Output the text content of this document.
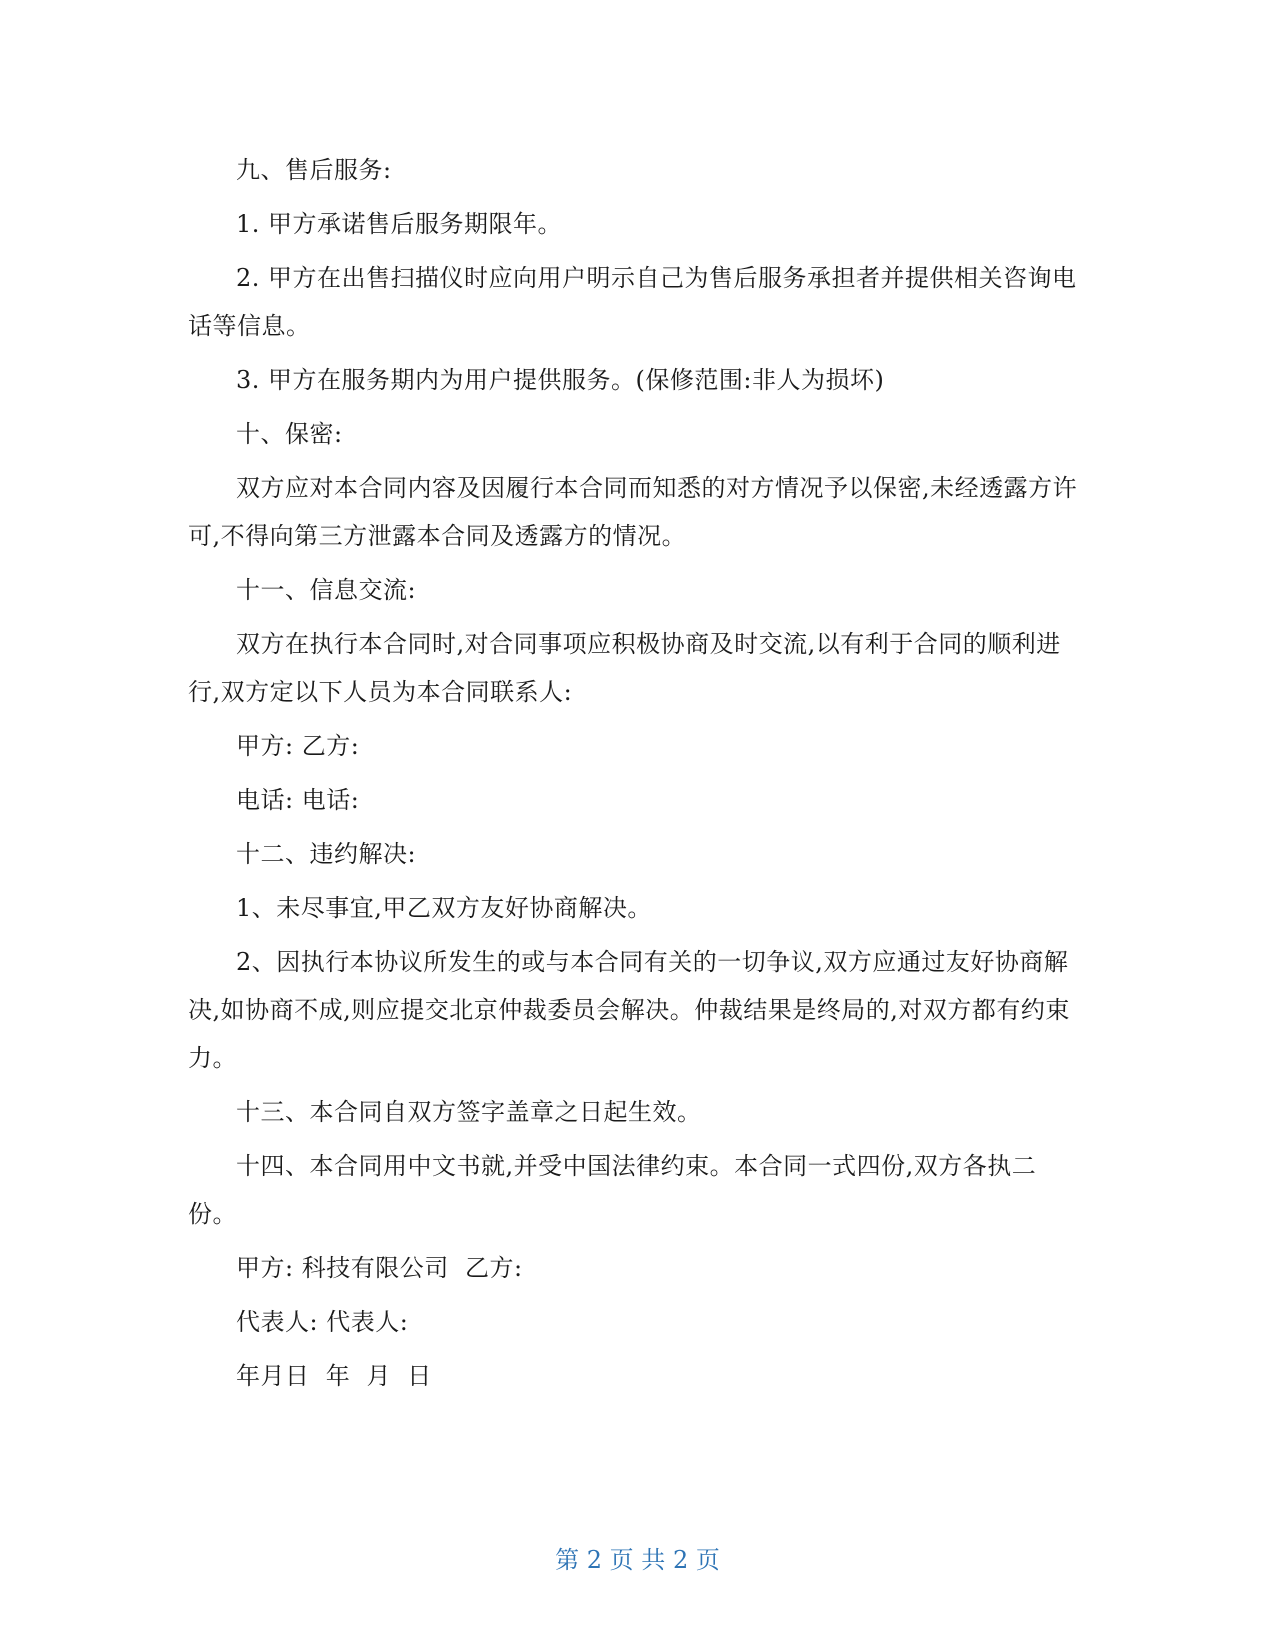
九、售后服务:

1. 甲方承诺售后服务期限年。

2. 甲方在出售扫描仪时应向用户明示自己为售后服务承担者并提供相关咨询电话等信息。

3. 甲方在服务期内为用户提供服务。(保修范围:非人为损坏)

十、保密:

双方应对本合同内容及因履行本合同而知悉的对方情况予以保密,未经透露方许可,不得向第三方泄露本合同及透露方的情况。

十一、信息交流:

双方在执行本合同时,对合同事项应积极协商及时交流,以有利于合同的顺利进行,双方定以下人员为本合同联系人:

甲方: 乙方:

电话: 电话:

十二、违约解决:

1、未尽事宜,甲乙双方友好协商解决。

2、因执行本协议所发生的或与本合同有关的一切争议,双方应通过友好协商解决,如协商不成,则应提交北京仲裁委员会解决。仲裁结果是终局的,对双方都有约束力。

十三、本合同自双方签字盖章之日起生效。

十四、本合同用中文书就,并受中国法律约束。本合同一式四份,双方各执二份。

甲方: 科技有限公司  乙方:

代表人: 代表人:

年月日  年  月  日

第 2 页 共 2 页
